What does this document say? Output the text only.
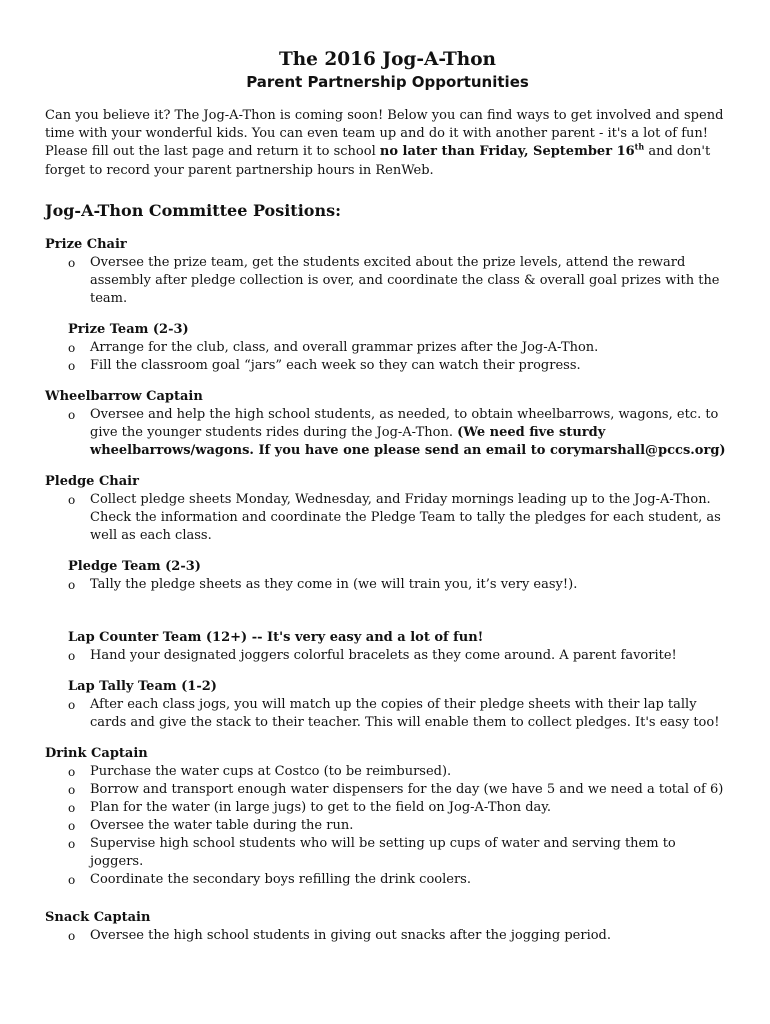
The 2016 Jog-A-Thon
Parent Partnership Opportunities

Can you believe it? The Jog-A-Thon is coming soon! Below you can find ways to get involved and spend time with your wonderful kids. You can even team up and do it with another parent - it's a lot of fun! Please fill out the last page and return it to school no later than Friday, September 16th and don't forget to record your parent partnership hours in RenWeb.

Jog-A-Thon Committee Positions:

Prize Chair

o Oversee the prize team, get the students excited about the prize levels, attend the reward assembly after pledge collection is over, and coordinate the class & overall goal prizes with the team.

Prize Team (2-3)

o Arrange for the club, class, and overall grammar prizes after the Jog-A-Thon.
o Fill the classroom goal “jars” each week so they can watch their progress.

Wheelbarrow Captain

o Oversee and help the high school students, as needed, to obtain wheelbarrows, wagons, etc. to give the younger students rides during the Jog-A-Thon. (We need five sturdy wheelbarrows/wagons. If you have one please send an email to corymarshall@pccs.org)

Pledge Chair

o Collect pledge sheets Monday, Wednesday, and Friday mornings leading up to the Jog-A-Thon. Check the information and coordinate the Pledge Team to tally the pledges for each student, as well as each class.

Pledge Team (2-3)

o Tally the pledge sheets as they come in (we will train you, it’s very easy!).

Lap Counter Team (12+) -- It's very easy and a lot of fun!

o Hand your designated joggers colorful bracelets as they come around. A parent favorite!

Lap Tally Team (1-2)

o After each class jogs, you will match up the copies of their pledge sheets with their lap tally cards and give the stack to their teacher. This will enable them to collect pledges. It's easy too!

Drink Captain

o Purchase the water cups at Costco (to be reimbursed).
o Borrow and transport enough water dispensers for the day (we have 5 and we need a total of 6)
o Plan for the water (in large jugs) to get to the field on Jog-A-Thon day.
o Oversee the water table during the run.
o Supervise high school students who will be setting up cups of water and serving them to joggers.
o Coordinate the secondary boys refilling the drink coolers.

Snack Captain

o Oversee the high school students in giving out snacks after the jogging period.
